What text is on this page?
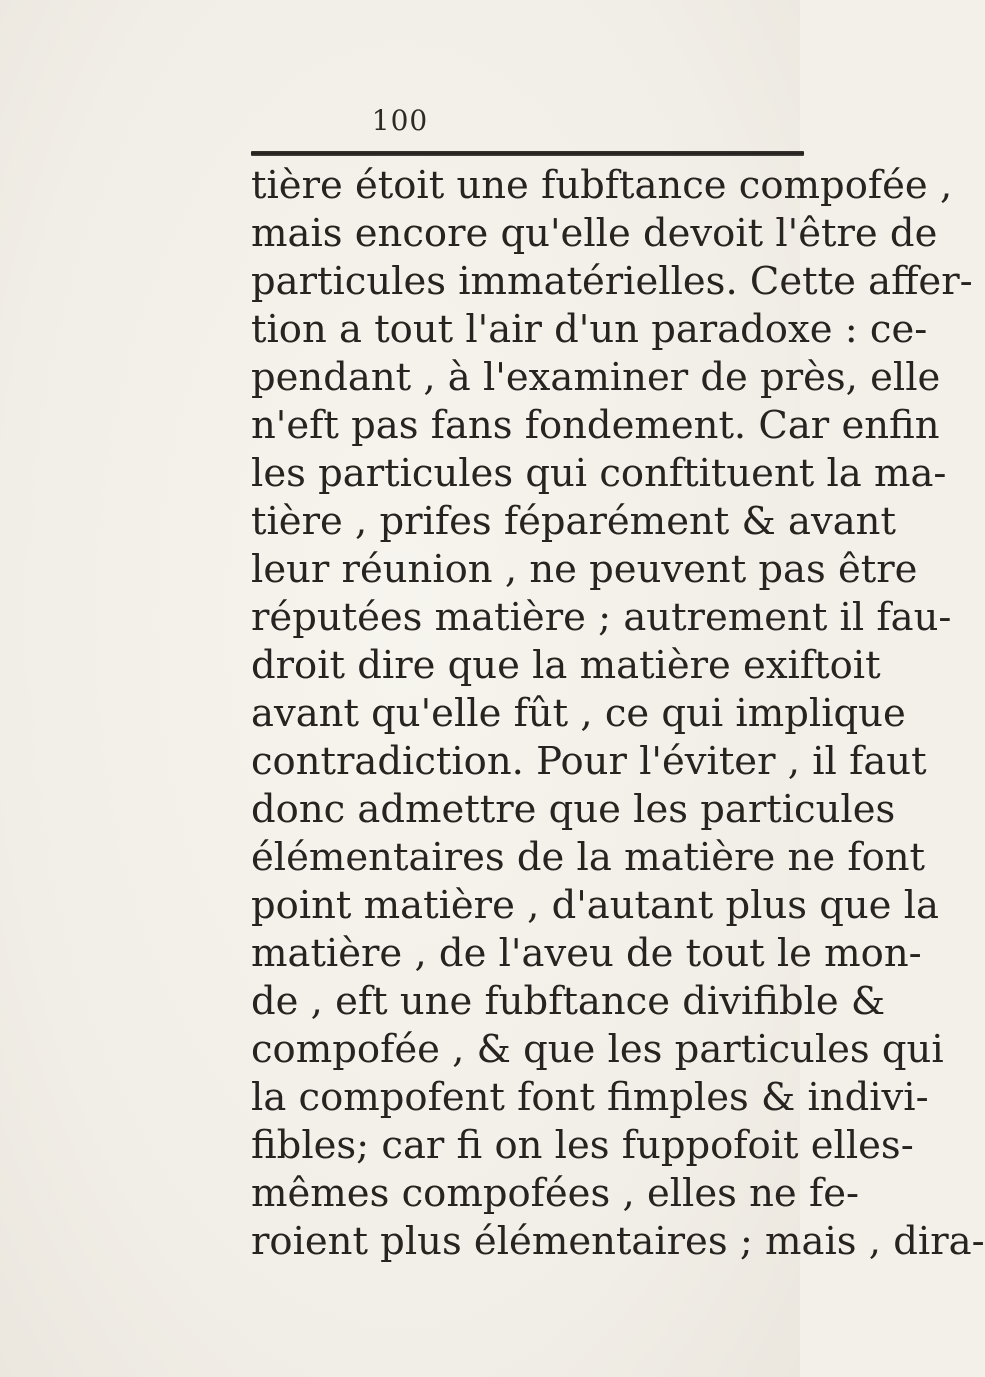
100
tière étoit une fubftance compofée ,
mais encore qu'elle devoit l'être de
particules immatérielles. Cette affer-
tion a tout l'air d'un paradoxe : ce-
pendant , à l'examiner de près, elle
n'eft pas fans fondement. Car enfin
les particules qui conftituent la ma-
tière , prifes féparément & avant
leur réunion , ne peuvent pas être
réputées matière ; autrement il fau-
droit dire que la matière exiftoit
avant qu'elle fût , ce qui implique
contradiction. Pour l'éviter , il faut
donc admettre que les particules
élémentaires de la matière ne font
point matière , d'autant plus que la
matière , de l'aveu de tout le mon-
de , eft une fubftance divifible &
compofée , & que les particules qui
la compofent font fimples & indivi-
fibles; car fi on les fuppofoit elles-
mêmes compofées , elles ne fe-
roient plus élémentaires ; mais , dira-
